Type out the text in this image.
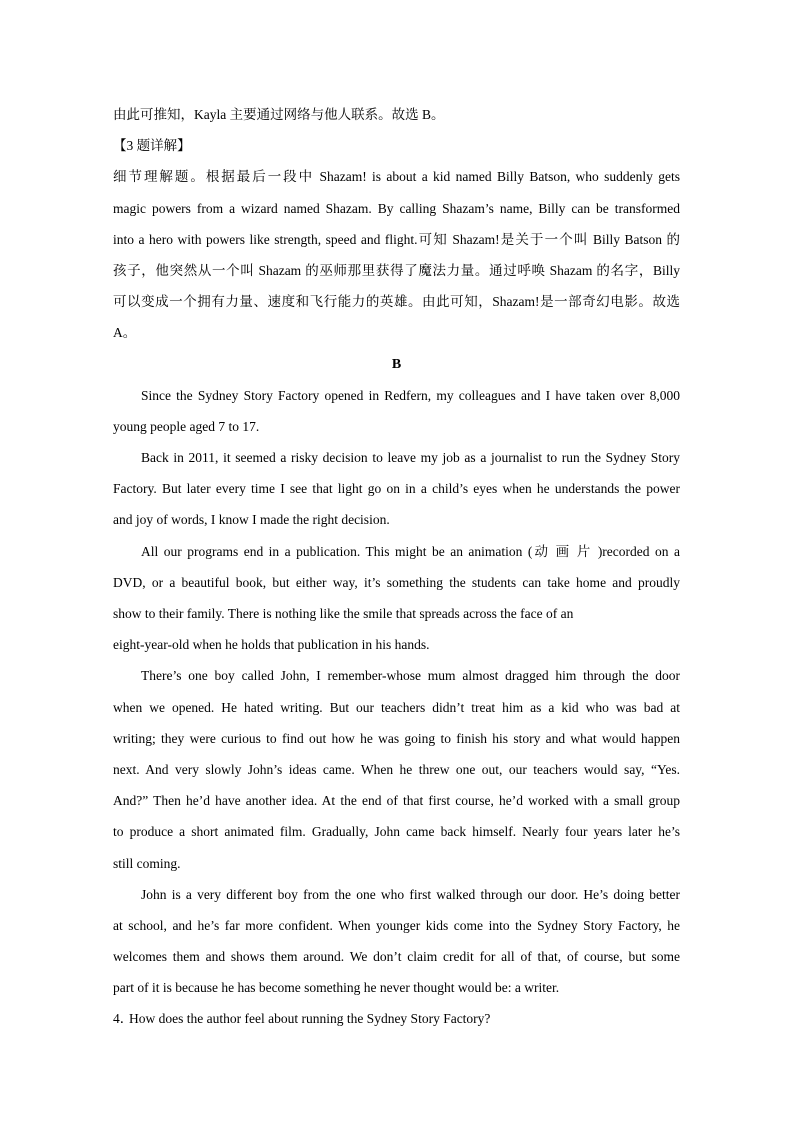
由此可推知，Kayla 主要通过网络与他人联系。故选 B。
【3 题详解】
细节理解题。根据最后一段中 Shazam! is about a kid named Billy Batson, who suddenly gets
magic powers from a wizard named Shazam. By calling Shazam’s name, Billy can be transformed
into a hero with powers like strength, speed and flight.可知 Shazam!是关于一个叫 Billy Batson 的
孩子，他突然从一个叫 Shazam 的巫师那里获得了魔法力量。通过呼唤 Shazam 的名字，Billy
可以变成一个拥有力量、速度和飞行能力的英雄。由此可知，Shazam!是一部奇幻电影。故选
A。
B
Since the Sydney Story Factory opened in Redfern, my colleagues and I have taken over 8,000
young people aged 7 to 17.
Back in 2011, it seemed a risky decision to leave my job as a journalist to run the Sydney Story
Factory. But later every time I see that light go on in a child’s eyes when he understands the power
and joy of words, I know I made the right decision.
All our programs end in a publication. This might be an animation (动 画 片 )recorded on a
DVD, or a beautiful book, but either way, it’s something the students can take home and proudly
show to their family. There is nothing like the smile that spreads across the face of an
eight-year-old when he holds that publication in his hands.
There’s one boy called John, I remember-whose mum almost dragged him through the door
when we opened. He hated writing. But our teachers didn’t treat him as a kid who was bad at
writing; they were curious to find out how he was going to finish his story and what would happen
next. And very slowly John’s ideas came. When he threw one out, our teachers would say, “Yes.
And?” Then he’d have another idea. At the end of that first course, he’d worked with a small group
to produce a short animated film. Gradually, John came back himself. Nearly four years later he’s
still coming.
John is a very different boy from the one who first walked through our door. He’s doing better
at school, and he’s far more confident. When younger kids come into the Sydney Story Factory, he
welcomes them and shows them around. We don’t claim credit for all of that, of course, but some
part of it is because he has become something he never thought would be: a writer.
4．How does the author feel about running the Sydney Story Factory?
